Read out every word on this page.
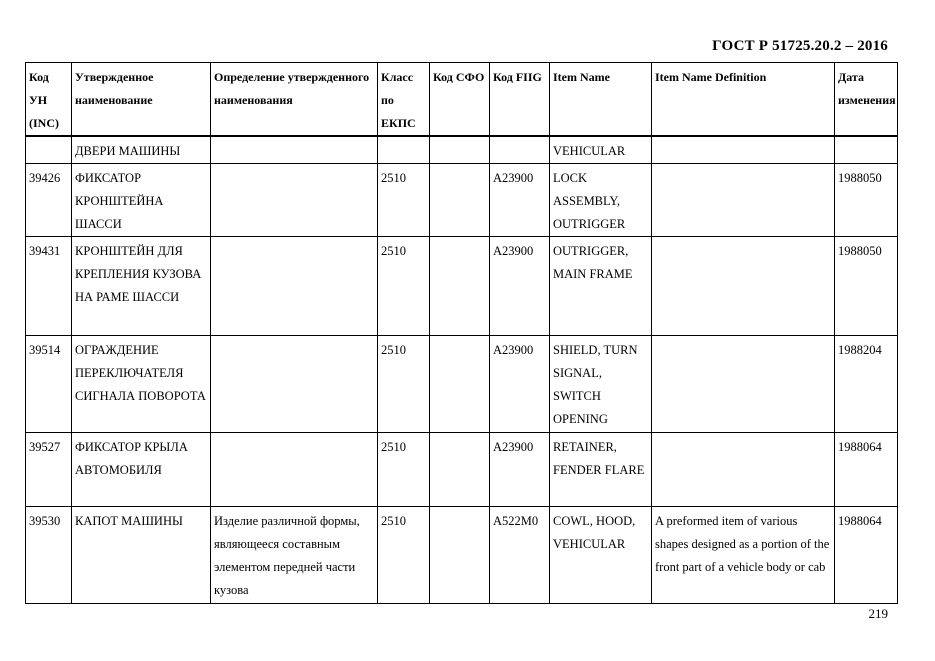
ГОСТ Р 51725.20.2 – 2016
Код УН (INC)	Утвержденное наименование	Определение утвержденного наименования	Класс по ЕКПС	Код СФО	Код FIIG	Item Name	Item Name Definition	Дата изменения
	ДВЕРИ МАШИНЫ					VEHICULAR		
39426	ФИКСАТОР КРОНШТЕЙНА ШАССИ		2510		A23900	LOCK ASSEMBLY, OUTRIGGER		1988050
39431	КРОНШТЕЙН ДЛЯ КРЕПЛЕНИЯ КУЗОВА НА РАМЕ ШАССИ		2510		A23900	OUTRIGGER, MAIN FRAME		1988050
39514	ОГРАЖДЕНИЕ ПЕРЕКЛЮЧАТЕЛЯ СИГНАЛА ПОВОРОТА		2510		A23900	SHIELD, TURN SIGNAL, SWITCH OPENING		1988204
39527	ФИКСАТОР КРЫЛА АВТОМОБИЛЯ		2510		A23900	RETAINER, FENDER FLARE		1988064
39530	КАПОТ МАШИНЫ	Изделие различной формы, являющееся составным элементом передней части кузова	2510		A522M0	COWL, HOOD, VEHICULAR	A preformed item of various shapes designed as a portion of the front part of a vehicle body or cab	1988064
219
